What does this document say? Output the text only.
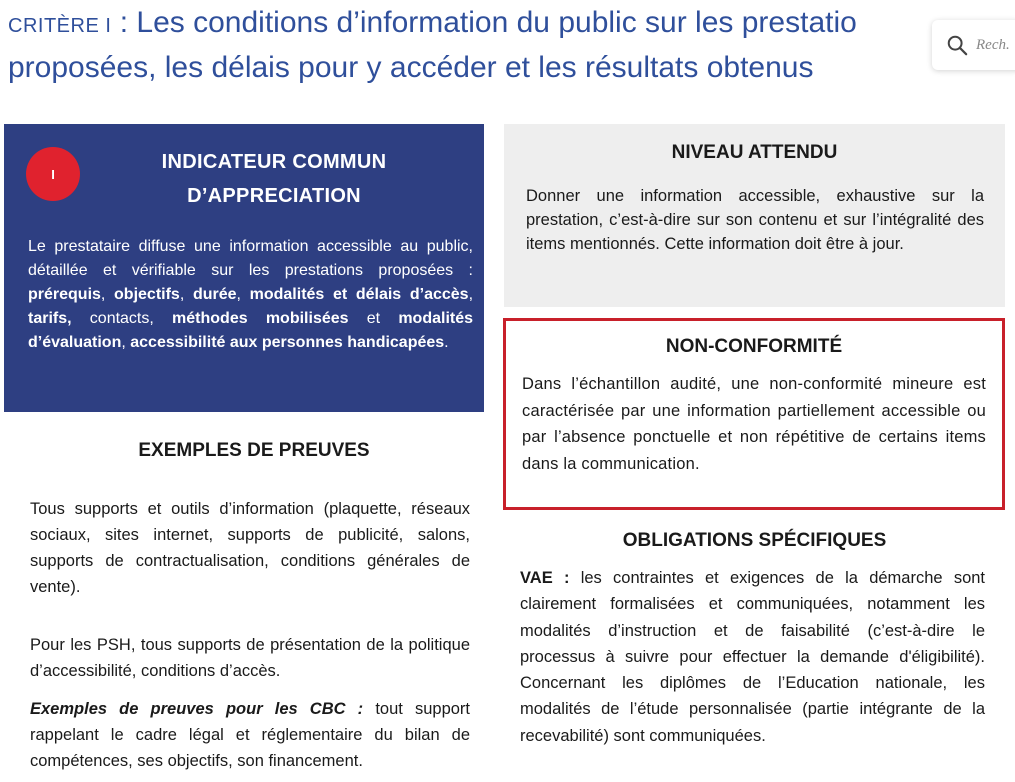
CRITÈRE I : Les conditions d’information du public sur les prestatio
proposées, les délais pour y accéder et les résultats obtenus
Rech.
I
INDICATEUR COMMUN
D’APPRECIATION
Le prestataire diffuse une information accessible au public, détaillée et vérifiable sur les prestations proposées : prérequis, objectifs, durée, modalités et délais d’accès, tarifs, contacts, méthodes mobilisées et modalités d’évaluation, accessibilité aux personnes handicapées.
NIVEAU ATTENDU
Donner une information accessible, exhaustive sur la prestation, c’est-à-dire sur son contenu et sur l’intégralité des items mentionnés. Cette information doit être à jour.
NON-CONFORMITÉ
Dans l’échantillon audité, une non-conformité mineure est caractérisée par une information partiellement accessible ou par l’absence ponctuelle et non répétitive de certains items dans la communication.
EXEMPLES DE PREUVES
Tous supports et outils d’information (plaquette, réseaux sociaux, sites internet, supports de publicité, salons, supports de contractualisation, conditions générales de vente).
Pour les PSH, tous supports de présentation de la politique d’accessibilité, conditions d’accès.
Exemples de preuves pour les CBC : tout support rappelant le cadre légal et réglementaire du bilan de compétences, ses objectifs, son financement.
OBLIGATIONS SPÉCIFIQUES
VAE : les contraintes et exigences de la démarche sont clairement formalisées et communiquées, notamment les modalités d’instruction et de faisabilité (c’est-à-dire le processus à suivre pour effectuer la demande d'éligibilité). Concernant les diplômes de l’Education nationale, les modalités de l’étude personnalisée (partie intégrante de la recevabilité) sont communiquées.
